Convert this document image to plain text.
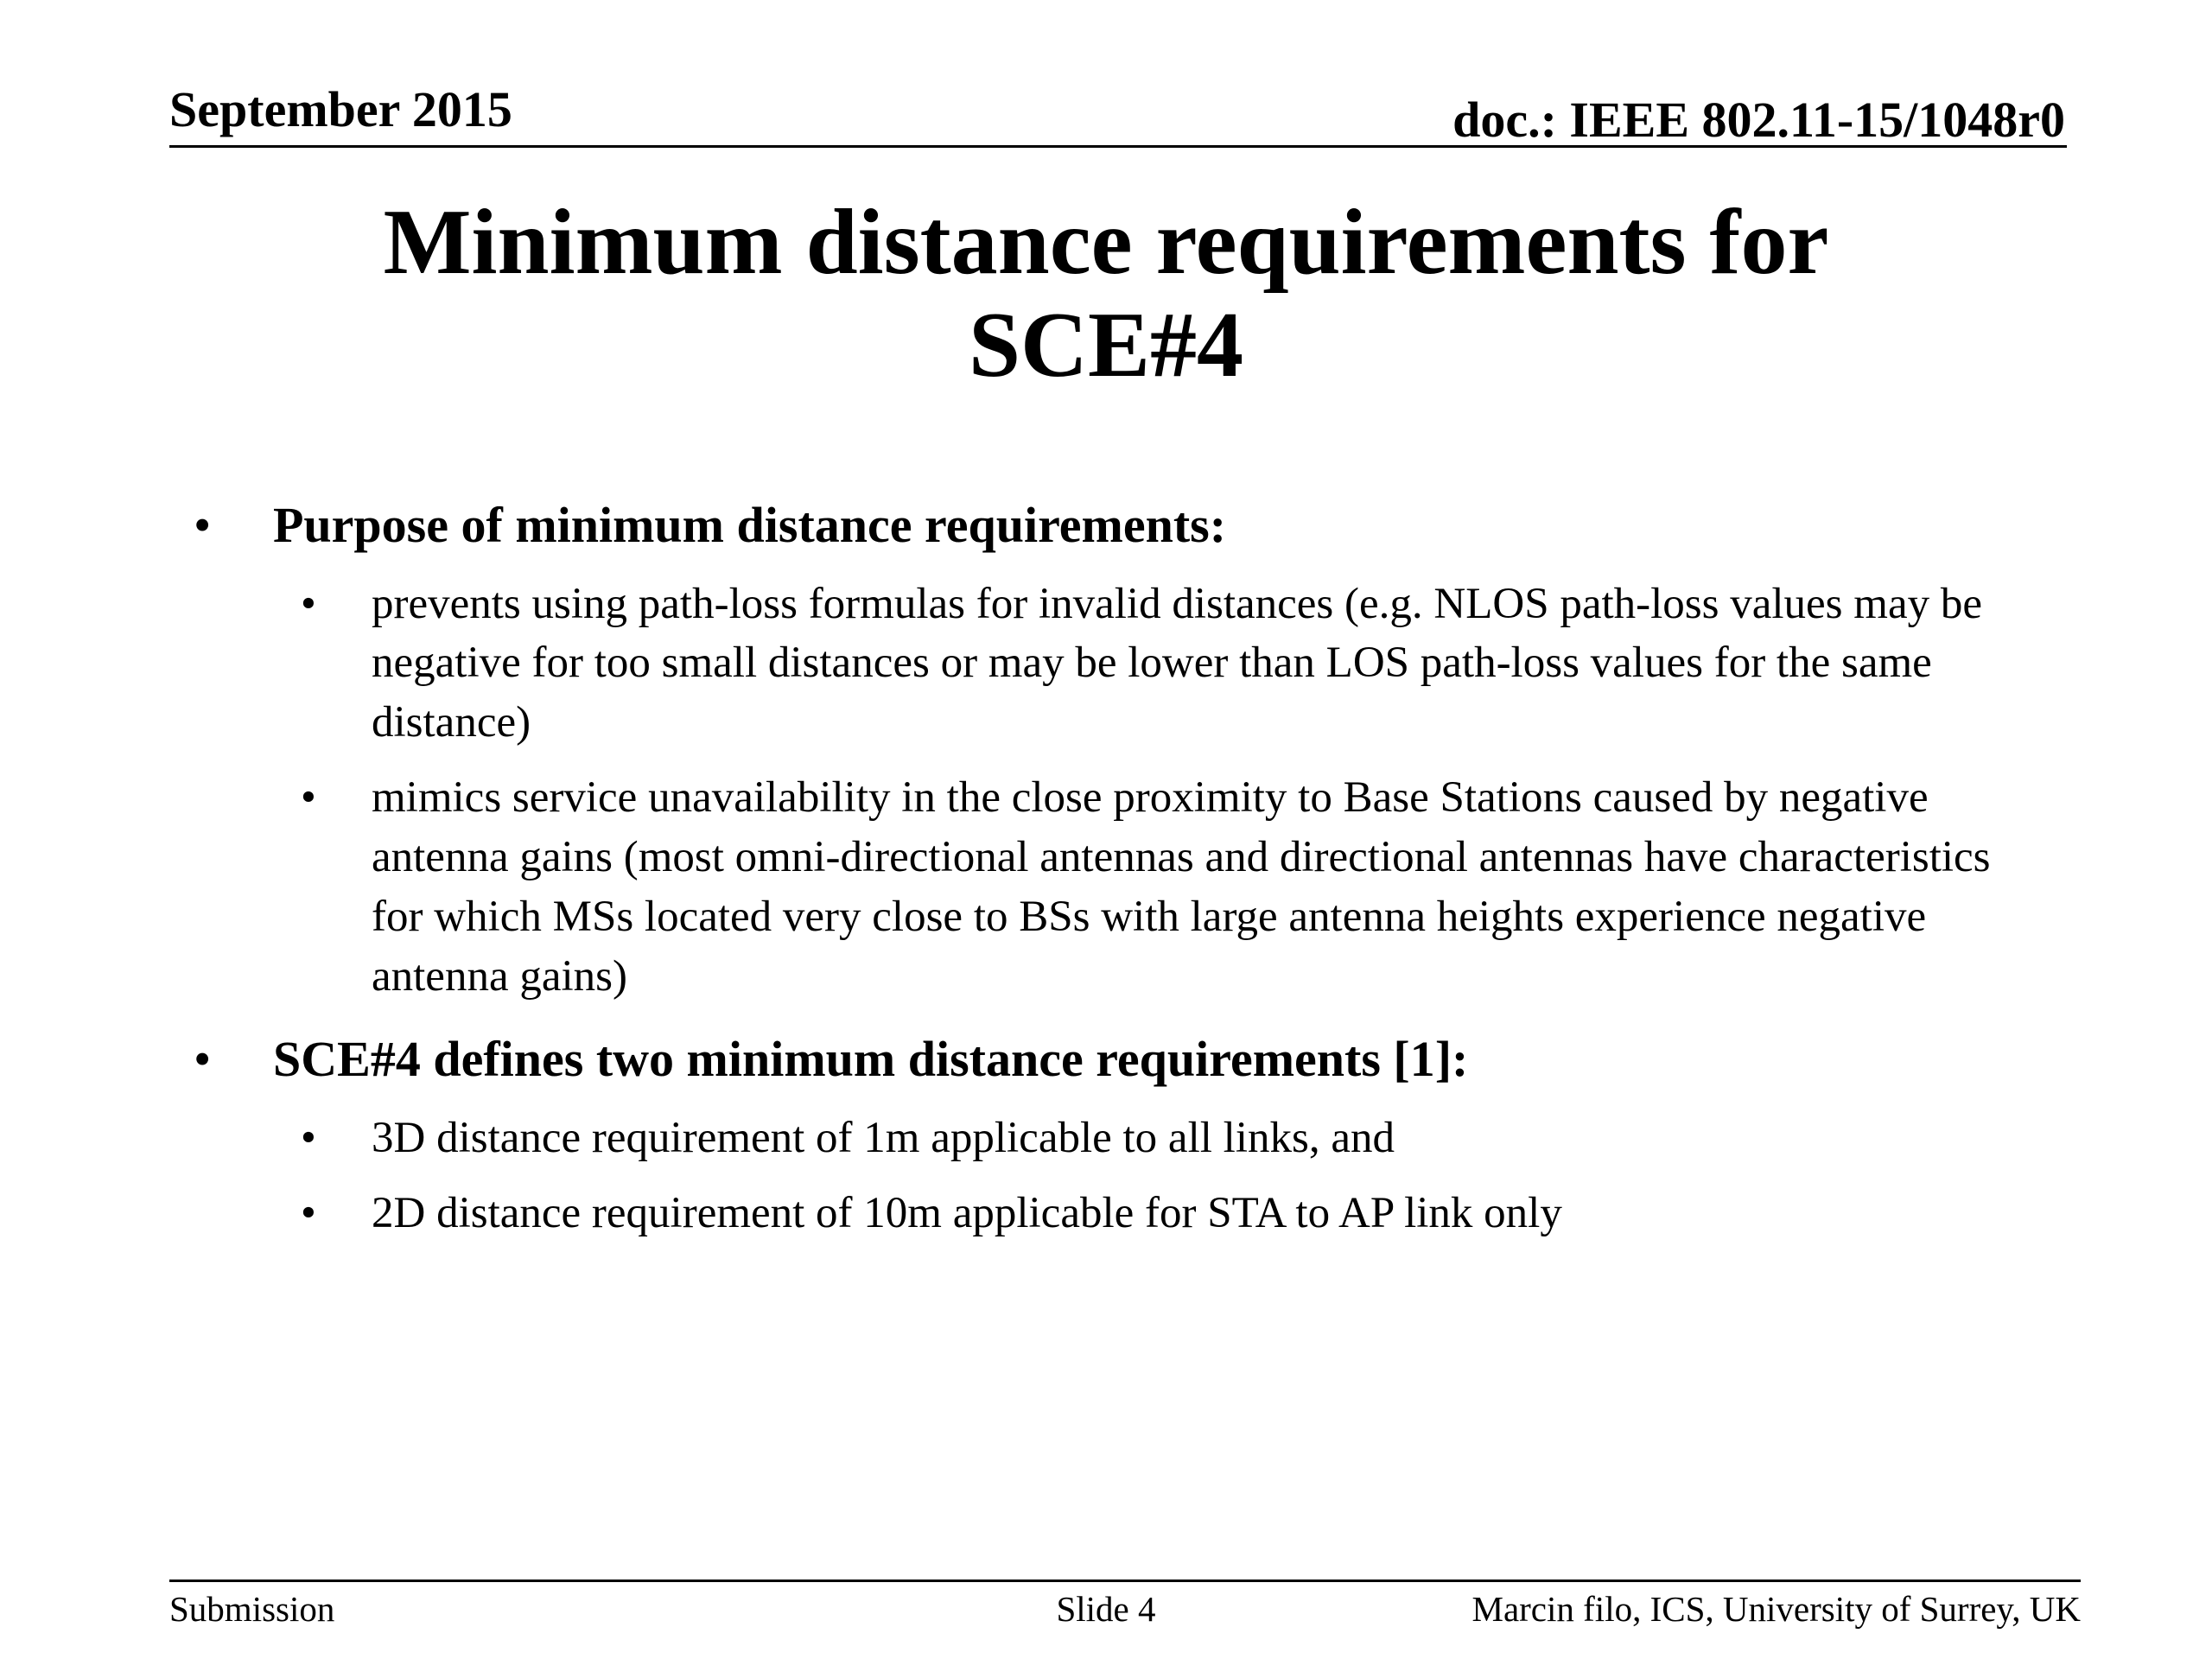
September 2015	doc.: IEEE 802.11-15/1048r0
Minimum distance requirements for
SCE#4
• Purpose of minimum distance requirements:
• prevents using path-loss formulas for invalid distances (e.g. NLOS path-loss values may be negative for too small distances or may be lower than LOS path-loss values for the same distance)
• mimics service unavailability in the close proximity to Base Stations caused by negative antenna gains (most omni-directional antennas and directional antennas have characteristics for which MSs located very close to BSs with large antenna heights experience negative antenna gains)
• SCE#4 defines two minimum distance requirements [1]:
• 3D distance requirement of 1m applicable to all links, and
• 2D distance requirement of 10m applicable for STA to AP link only
Submission	Slide 4	Marcin filo, ICS, University of Surrey, UK
